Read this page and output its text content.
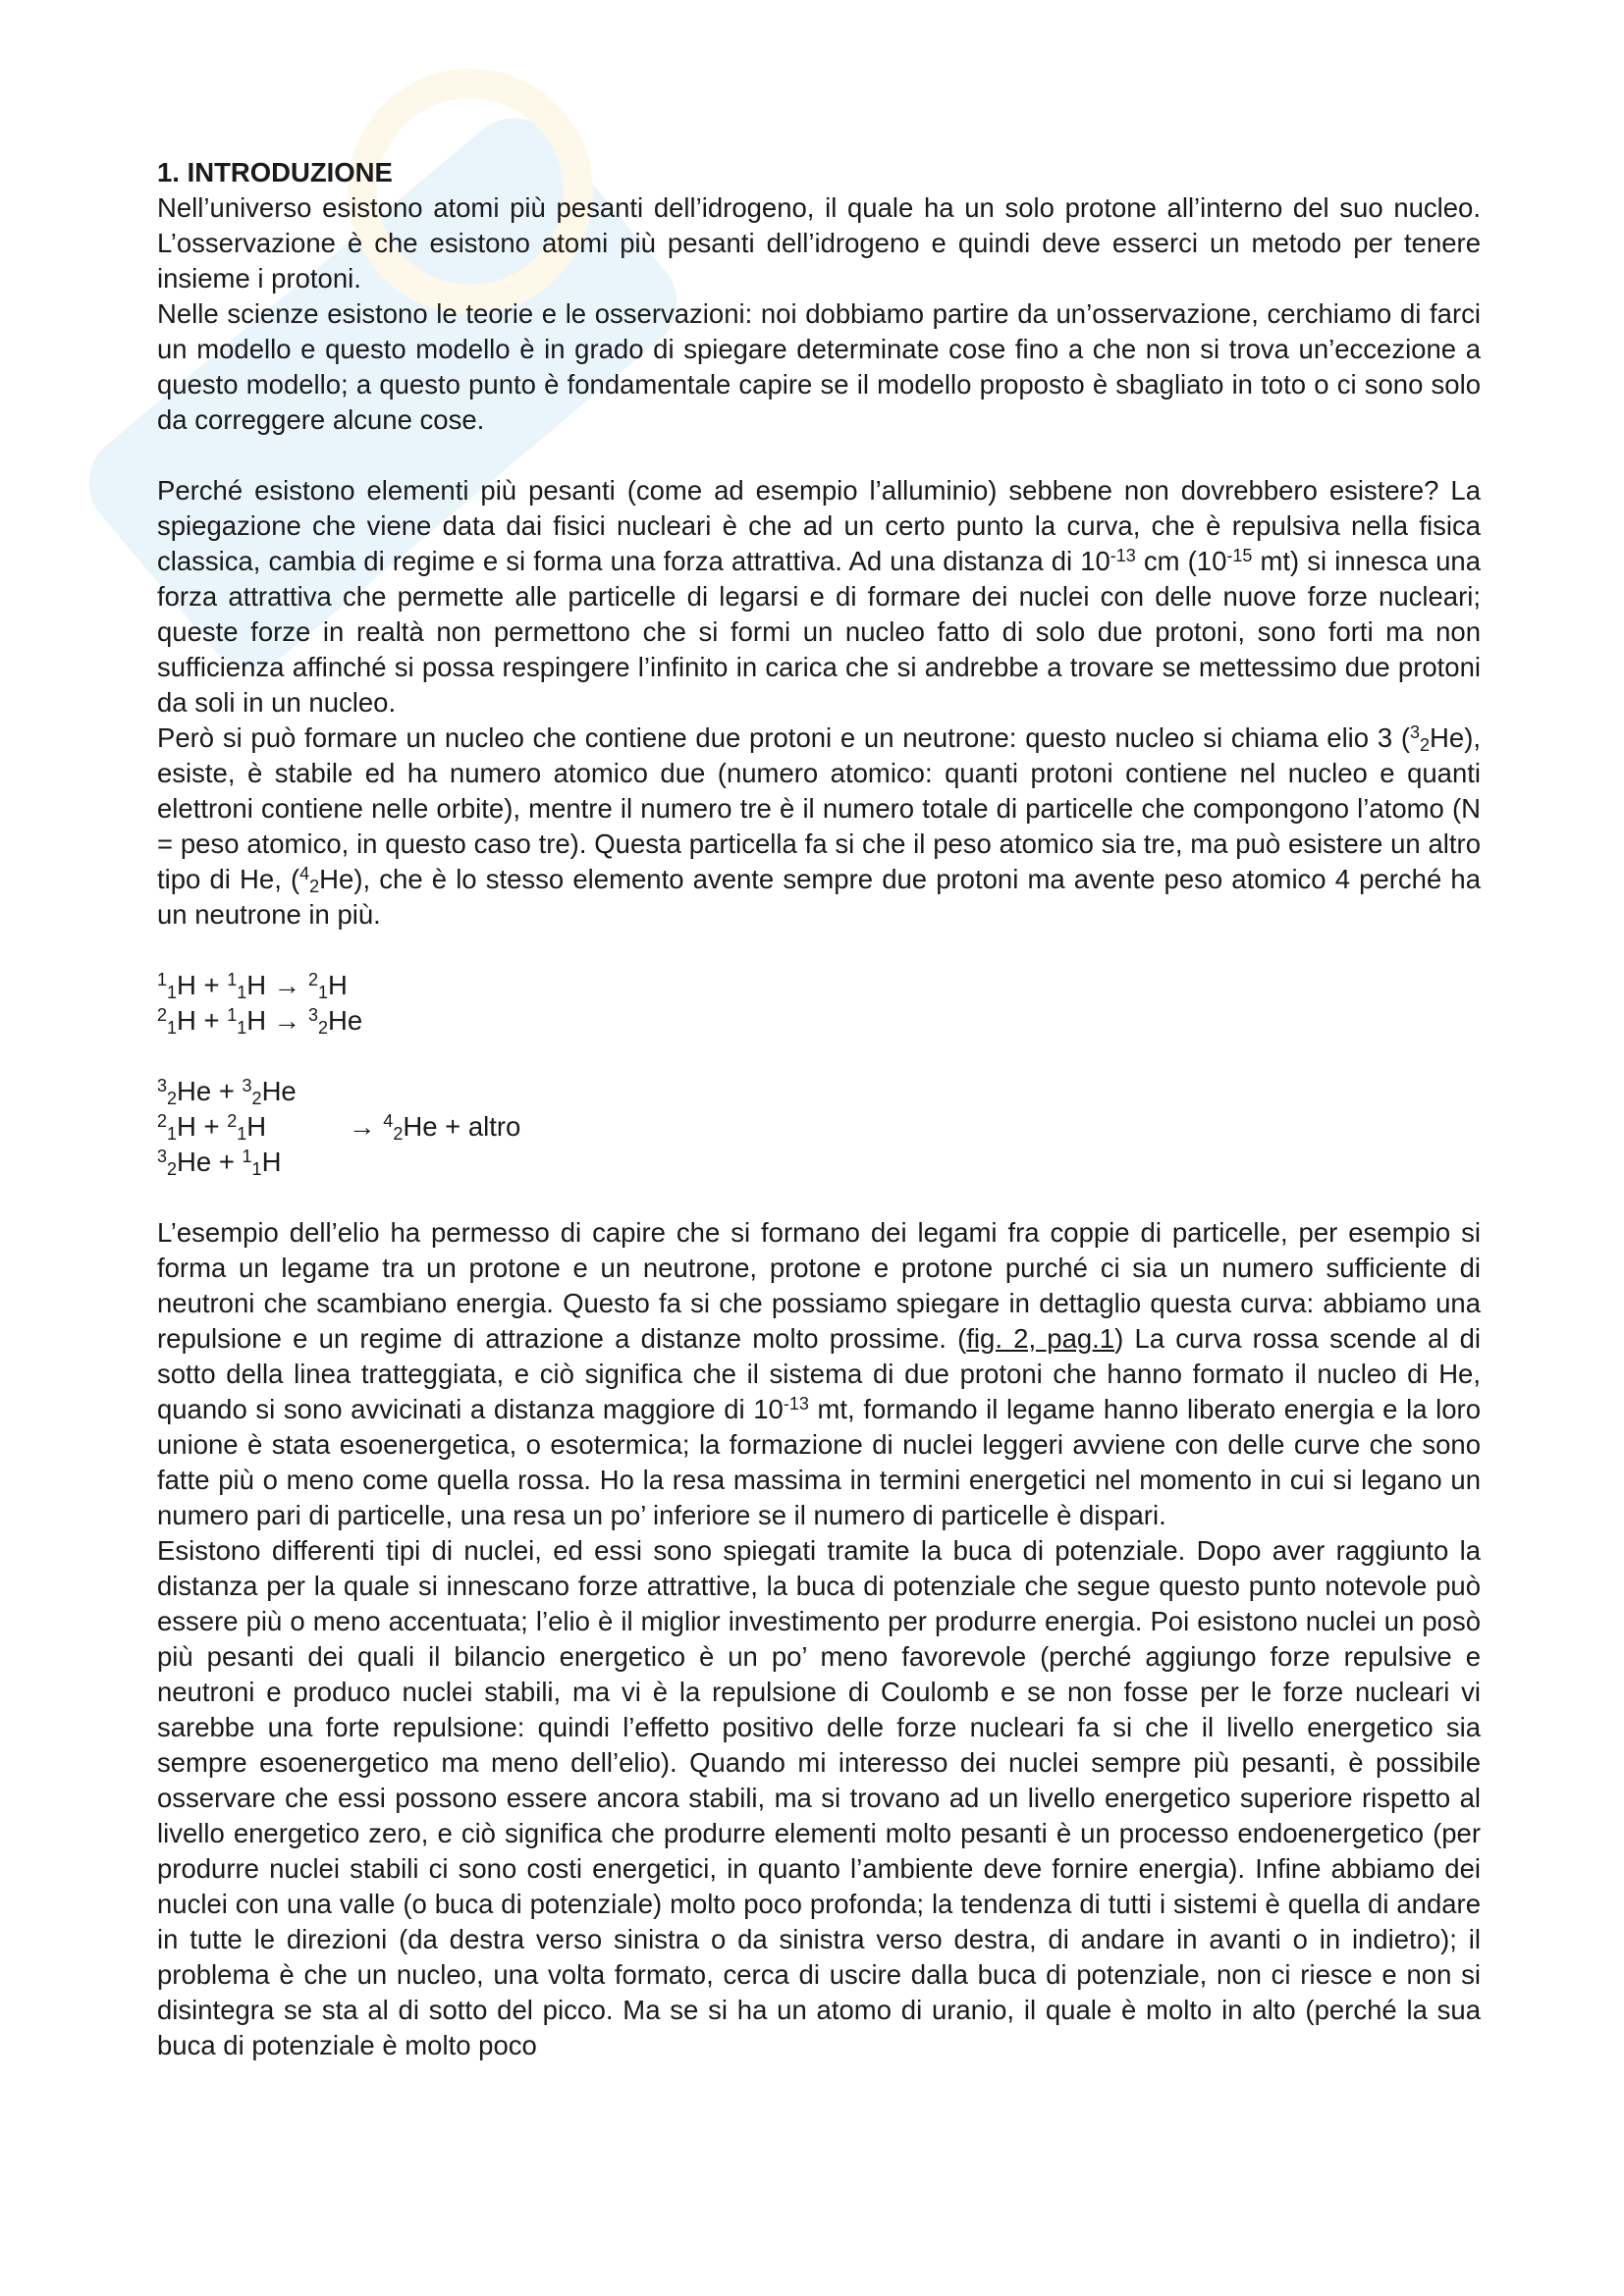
1. INTRODUZIONE

Nell’universo esistono atomi più pesanti dell’idrogeno, il quale ha un solo protone all’interno del suo nucleo. L’osservazione è che esistono atomi più pesanti dell’idrogeno e quindi deve esserci un metodo per tenere insieme i protoni.

Nelle scienze esistono le teorie e le osservazioni: noi dobbiamo partire da un’osservazione, cerchiamo di farci un modello e questo modello è in grado di spiegare determinate cose fino a che non si trova un’eccezione a questo modello; a questo punto è fondamentale capire se il modello proposto è sbagliato in toto o ci sono solo da correggere alcune cose.

Perché esistono elementi più pesanti (come ad esempio l’alluminio) sebbene non dovrebbero esistere? La spiegazione che viene data dai fisici nucleari è che ad un certo punto la curva, che è repulsiva nella fisica classica, cambia di regime e si forma una forza attrattiva. Ad una distanza di $10^{-13}$ cm ($10^{-15}$ mt) si innesca una forza attrattiva che permette alle particelle di legarsi e di formare dei nuclei con delle nuove forze nucleari; queste forze in realtà non permettono che si formi un nucleo fatto di solo due protoni, sono forti ma non sufficienza affinché si possa respingere l’infinito in carica che si andrebbe a trovare se mettessimo due protoni da soli in un nucleo.

Però si può formare un nucleo che contiene due protoni e un neutrone: questo nucleo si chiama elio 3 ($^3_2$He), esiste, è stabile ed ha numero atomico due (numero atomico: quanti protoni contiene nel nucleo e quanti elettroni contiene nelle orbite), mentre il numero tre è il numero totale di particelle che compongono l’atomo (N = peso atomico, in questo caso tre). Questa particella fa si che il peso atomico sia tre, ma può esistere un altro tipo di He, ($^4_2$He), che è lo stesso elemento avente sempre due protoni ma avente peso atomico 4 perché ha un neutrone in più.

$^1_1$H + $^1_1$H → $^2_1$H
$^2_1$H + $^1_1$H → $^3_2$He
$^3_2$He + $^3_2$He
$^2_1$H + $^2_1$H	→ $^4_2$He + altro
$^3_2$He + $^1_1$H

L’esempio dell’elio ha permesso di capire che si formano dei legami fra coppie di particelle, per esempio si forma un legame tra un protone e un neutrone, protone e protone purché ci sia un numero sufficiente di neutroni che scambiano energia. Questo fa si che possiamo spiegare in dettaglio questa curva: abbiamo una repulsione e un regime di attrazione a distanze molto prossime. (fig. 2, pag.1) La curva rossa scende al di sotto della linea tratteggiata, e ciò significa che il sistema di due protoni che hanno formato il nucleo di He, quando si sono avvicinati a distanza maggiore di $10^{-13}$ mt, formando il legame hanno liberato energia e la loro unione è stata esoenergetica, o esotermica; la formazione di nuclei leggeri avviene con delle curve che sono fatte più o meno come quella rossa. Ho la resa massima in termini energetici nel momento in cui si legano un numero pari di particelle, una resa un po’ inferiore se il numero di particelle è dispari.

Esistono differenti tipi di nuclei, ed essi sono spiegati tramite la buca di potenziale. Dopo aver raggiunto la distanza per la quale si innescano forze attrattive, la buca di potenziale che segue questo punto notevole può essere più o meno accentuata; l’elio è il miglior investimento per produrre energia. Poi esistono nuclei un posò più pesanti dei quali il bilancio energetico è un po’ meno favorevole (perché aggiungo forze repulsive e neutroni e produco nuclei stabili, ma vi è la repulsione di Coulomb e se non fosse per le forze nucleari vi sarebbe una forte repulsione: quindi l’effetto positivo delle forze nucleari fa si che il livello energetico sia sempre esoenergetico ma meno dell’elio). Quando mi interesso dei nuclei sempre più pesanti, è possibile osservare che essi possono essere ancora stabili, ma si trovano ad un livello energetico superiore rispetto al livello energetico zero, e ciò significa che produrre elementi molto pesanti è un processo endoenergetico (per produrre nuclei stabili ci sono costi energetici, in quanto l’ambiente deve fornire energia). Infine abbiamo dei nuclei con una valle (o buca di potenziale) molto poco profonda; la tendenza di tutti i sistemi è quella di andare in tutte le direzioni (da destra verso sinistra o da sinistra verso destra, di andare in avanti o in indietro); il problema è che un nucleo, una volta formato, cerca di uscire dalla buca di potenziale, non ci riesce e non si disintegra se sta al di sotto del picco. Ma se si ha un atomo di uranio, il quale è molto in alto (perché la sua buca di potenziale è molto poco
